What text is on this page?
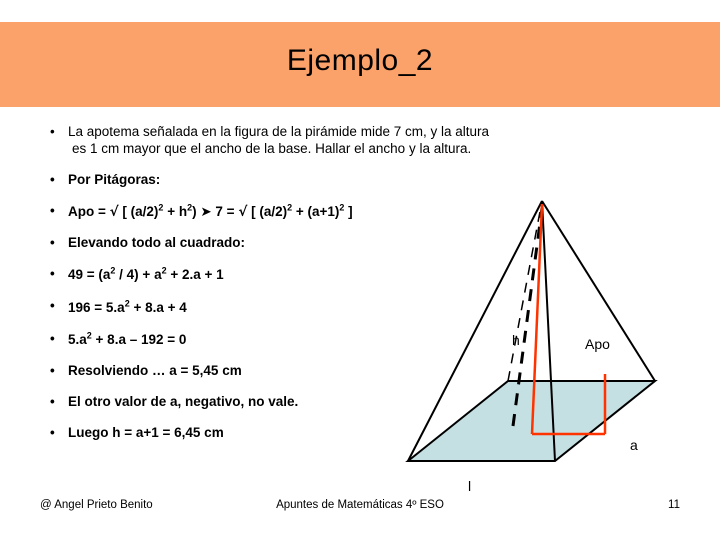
Ejemplo_2
• La apotema señalada en la figura de la pirámide mide 7 cm, y la altura
es 1 cm mayor que el ancho de la base. Hallar el ancho y la altura.
• Por Pitágoras:
• Apo = √ [ $(a/2)^2 + h^2$) ➤ 7 = √ [ $(a/2)^2 + (a+1)^2$ ]
• Elevando todo al cuadrado:
• $49 = (a^2 / 4) + a^2 + 2.a + 1$
• $196 = 5.a^2 + 8.a + 4$
• $5.a^2 + 8.a - 192 = 0$
• Resolviendo … a = 5,45 cm
• El otro valor de a, negativo, no vale.
• Luego h = a+1 = 6,45 cm
h	Apo
a
l
@ Angel Prieto Benito	Apuntes de Matemáticas 4º ESO	11
